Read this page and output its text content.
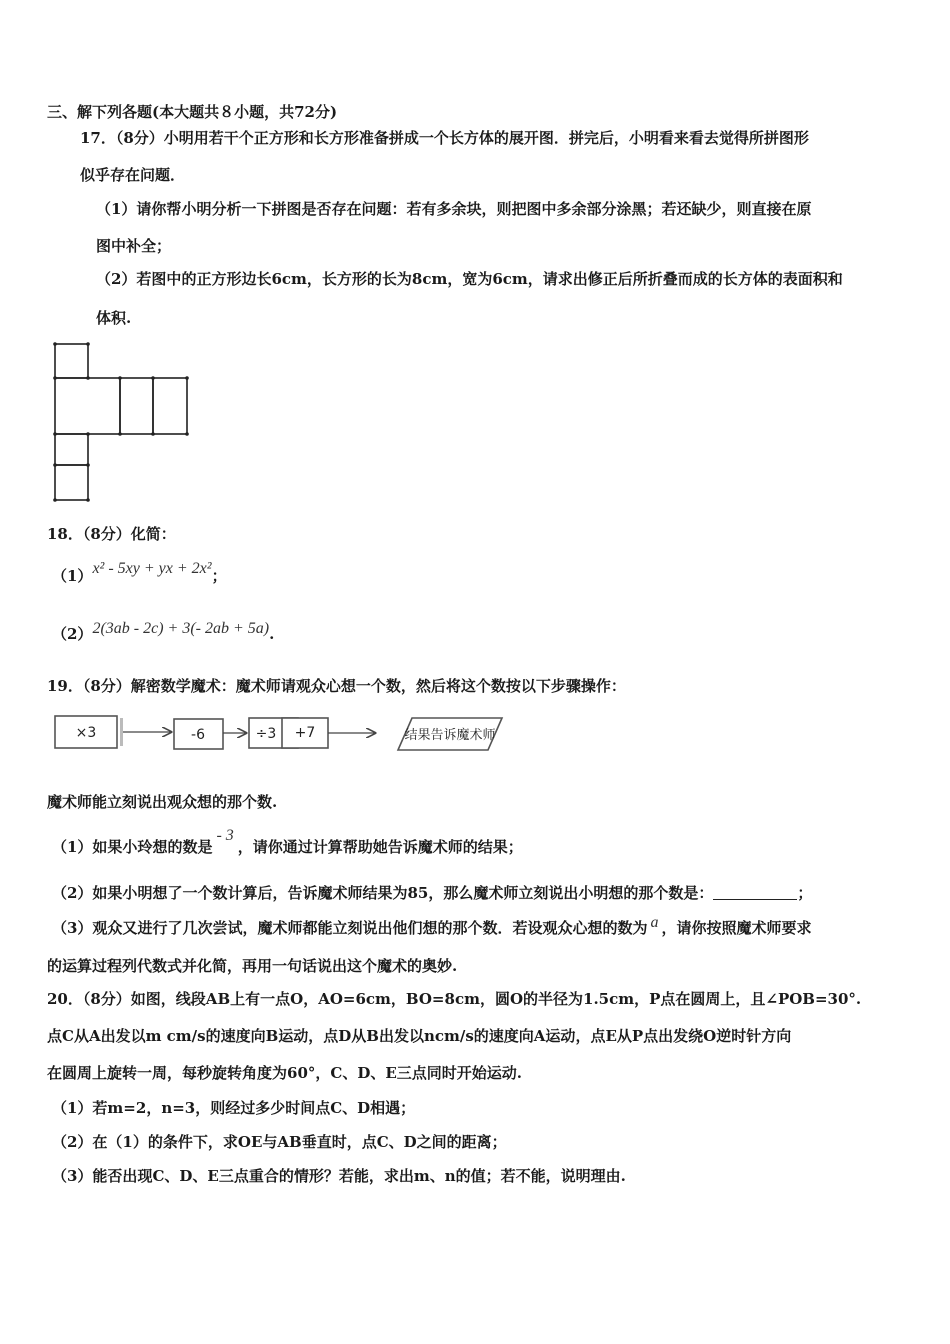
三、解下列各题(本大题共８小题，共72分)
17．（8分）小明用若干个正方形和长方形准备拼成一个长方体的展开图．拼完后，小明看来看去觉得所拼图形
似乎存在问题．
（1）请你帮小明分析一下拼图是否存在问题：若有多余块，则把图中多余部分涂黑；若还缺少，则直接在原
图中补全；
（2）若图中的正方形边长6cm，长方形的长为8cm，宽为6cm，请求出修正后所折叠而成的长方体的表面积和
体积.
18．（8分）化简：
（1）x² - 5xy + yx + 2x²；
（2）2(3ab - 2c) + 3(- 2ab + 5a).
19．（8分）解密数学魔术：魔术师请观众心想一个数，然后将这个数按以下步骤操作：
×3	-6	÷3 +7	结果告诉魔术师
魔术师能立刻说出观众想的那个数.
（1）如果小玲想的数是- 3，请你通过计算帮助她告诉魔术师的结果；
（2）如果小明想了一个数计算后，告诉魔术师结果为85，那么魔术师立刻说出小明想的那个数是：	；
（3）观众又进行了几次尝试，魔术师都能立刻说出他们想的那个数．若设观众心想的数为 a ，请你按照魔术师要求
的运算过程列代数式并化简，再用一句话说出这个魔术的奥妙.
20．（8分）如图，线段AB上有一点O，AO=6cm，BO=8cm，圆O的半径为1.5cm，P点在圆周上，且∠POB=30°.
点C从A出发以m cm/s的速度向B运动，点D从B出发以ncm/s的速度向A运动，点E从P点出发绕O逆时针方向
在圆周上旋转一周，每秒旋转角度为60°，C、D、E三点同时开始运动.
（1）若m=2，n=3，则经过多少时间点C、D相遇；
（2）在（1）的条件下，求OE与AB垂直时，点C、D之间的距离；
（3）能否出现C、D、E三点重合的情形？若能，求出m、n的值；若不能，说明理由.
